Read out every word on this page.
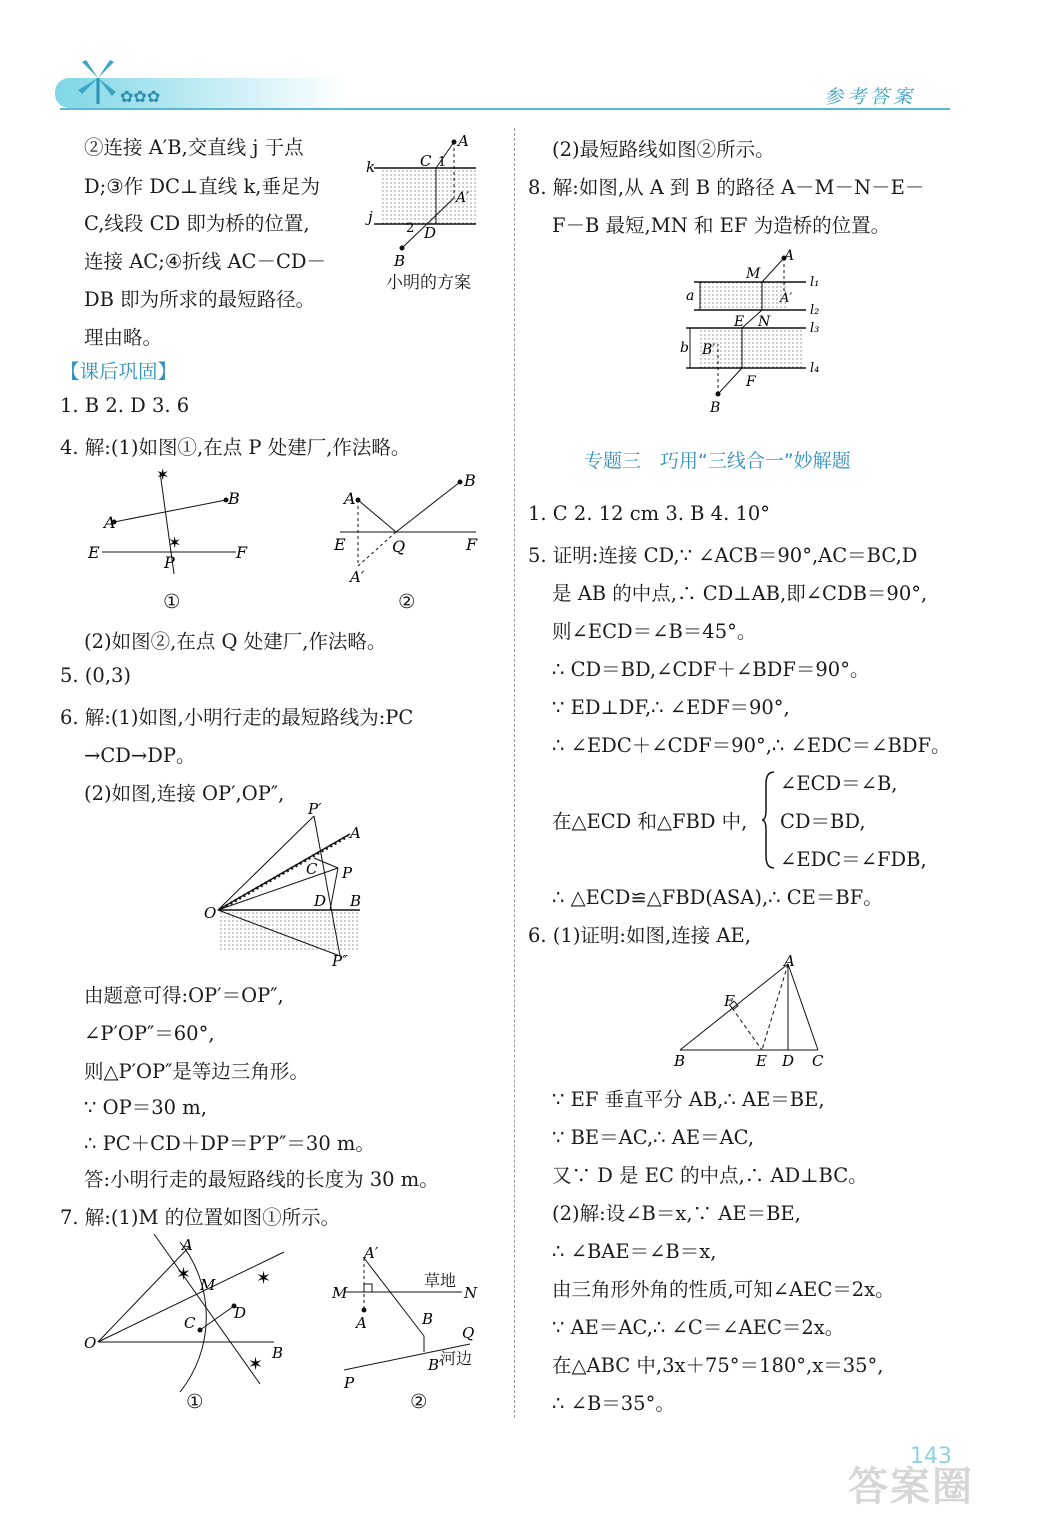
✿✿✿	参考答案
②连接 A′B,交直线 j 于点
D;③作 DC⊥直线 k,垂足为
C,线段 CD 即为桥的位置,
连接 AC;④折线 AC－CD－
DB 即为所求的最短路径。
理由略。
A
A′
C 1
D
2
k
j
B
小明的方案
【课后巩固】
1. B 2. D 3. 6
4. 解:(1)如图①,在点 P 处建厂,作法略。
✶
✶
A
B
E	F
P
①
A
B
E	Q	F
A′
②
(2)如图②,在点 Q 处建厂,作法略。
5. (0,3)
6. 解:(1)如图,小明行走的最短路线为:PC
→CD→DP。
(2)如图,连接 OP′,OP″,
P′
A
C P
D B
O
P″
由题意可得:OP′＝OP″,
∠P′OP″＝60°,
则△P′OP″是等边三角形。
∵ OP＝30 m,
∴ PC＋CD＋DP＝P′P″＝30 m。
答:小明行走的最短路线的长度为 30 m。
7. 解:(1)M 的位置如图①所示。
✶	✶
✶
A
M
D
C
O
B
①
A′
M
A
N
B
Q
B′
P
草地
河边
②
(2)最短路线如图②所示。
8. 解:如图,从 A 到 B 的路径 A－M－N－E－
F－B 最短,MN 和 EF 为造桥的位置。
A
M
A′
E N
B′
F
B
a
b
l₁
l₂
l₃
l₄
专题三　巧用“三线合一”妙解题
1. C 2. 12 cm 3. B 4. 10°
5. 证明:连接 CD,∵ ∠ACB＝90°,AC＝BC,D
是 AB 的中点,∴ CD⊥AB,即∠CDB＝90°,
则∠ECD＝∠B＝45°。
∴ CD＝BD,∠CDF＋∠BDF＝90°。
∵ ED⊥DF,∴ ∠EDF＝90°,
∴ ∠EDC＋∠CDF＝90°,∴ ∠EDC＝∠BDF。
在△ECD 和△FBD 中,
∠ECD＝∠B,
CD＝BD,
∠EDC＝∠FDB,
∴ △ECD≌△FBD(ASA),∴ CE＝BF。
6. (1)证明:如图,连接 AE,
A
F
B	E D C
∵ EF 垂直平分 AB,∴ AE＝BE,
∵ BE＝AC,∴ AE＝AC,
又∵ D 是 EC 的中点,∴ AD⊥BC。
(2)解:设∠B＝x,∵ AE＝BE,
∴ ∠BAE＝∠B＝x,
由三角形外角的性质,可知∠AEC＝2x。
∵ AE＝AC,∴ ∠C＝∠AEC＝2x。
在△ABC 中,3x＋75°＝180°,x＝35°,
∴ ∠B＝35°。
143
答案圈
